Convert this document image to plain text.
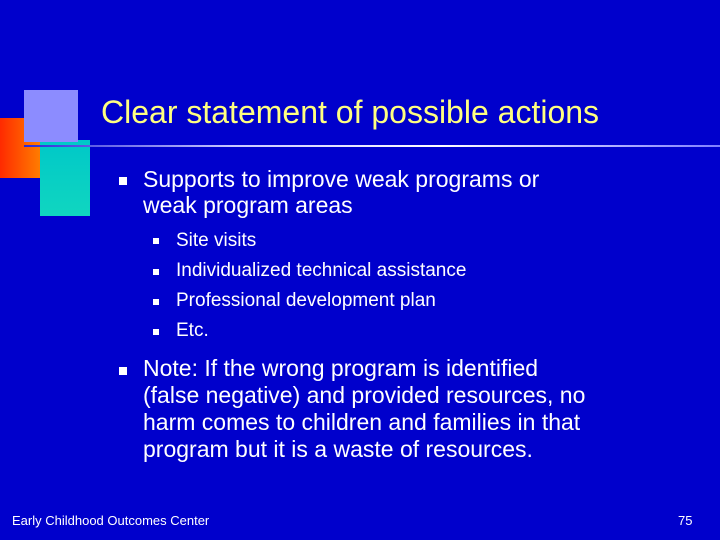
Clear statement of possible actions
Supports to improve weak programs or
weak program areas
Site visits
Individualized technical assistance
Professional development plan
Etc.
Note: If the wrong program is identified
(false negative) and provided resources, no
harm comes to children and families in that
program but it is a waste of resources.
Early Childhood Outcomes Center	75
